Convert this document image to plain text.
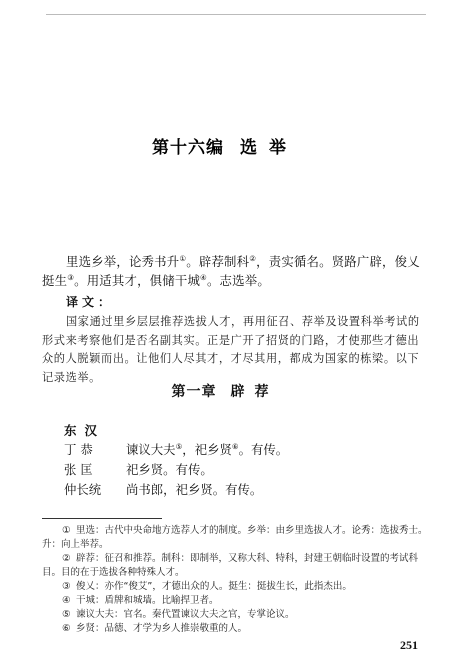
第十六编 选举

里选乡举，论秀书升①。辟荐制科②，责实循名。贤路广辟，俊乂挺生③。用适其才，俱储干城④。志选举。

译文：

国家通过里乡层层推荐选拔人才，再用征召、荐举及设置科举考试的形式来考察他们是否名副其实。正是广开了招贤的门路，才使那些才德出众的人脱颖而出。让他们人尽其才，才尽其用，都成为国家的栋梁。以下记录选举。

第一章 辟荐
东汉
丁 恭	谏议大夫⑤，祀乡贤⑥。有传。
张 匡	祀乡贤。有传。
仲长统 尚书郎，祀乡贤。有传。

① 里选：古代中央命地方选荐人才的制度。乡举：由乡里选拔人才。论秀：选拔秀士。升：向上举荐。

② 辟荐：征召和推荐。制科：即制举，又称大科、特科，封建王朝临时设置的考试科目。目的在于选拔各种特殊人才。

③ 俊乂：亦作“俊艾”，才德出众的人。挺生：挺拔生长，此指杰出。

④ 干城：盾牌和城墙。比喻捍卫者。

⑤ 谏议大夫：官名。秦代置谏议大夫之官，专掌论议。

⑥ 乡贤：品德、才学为乡人推崇敬重的人。

251
